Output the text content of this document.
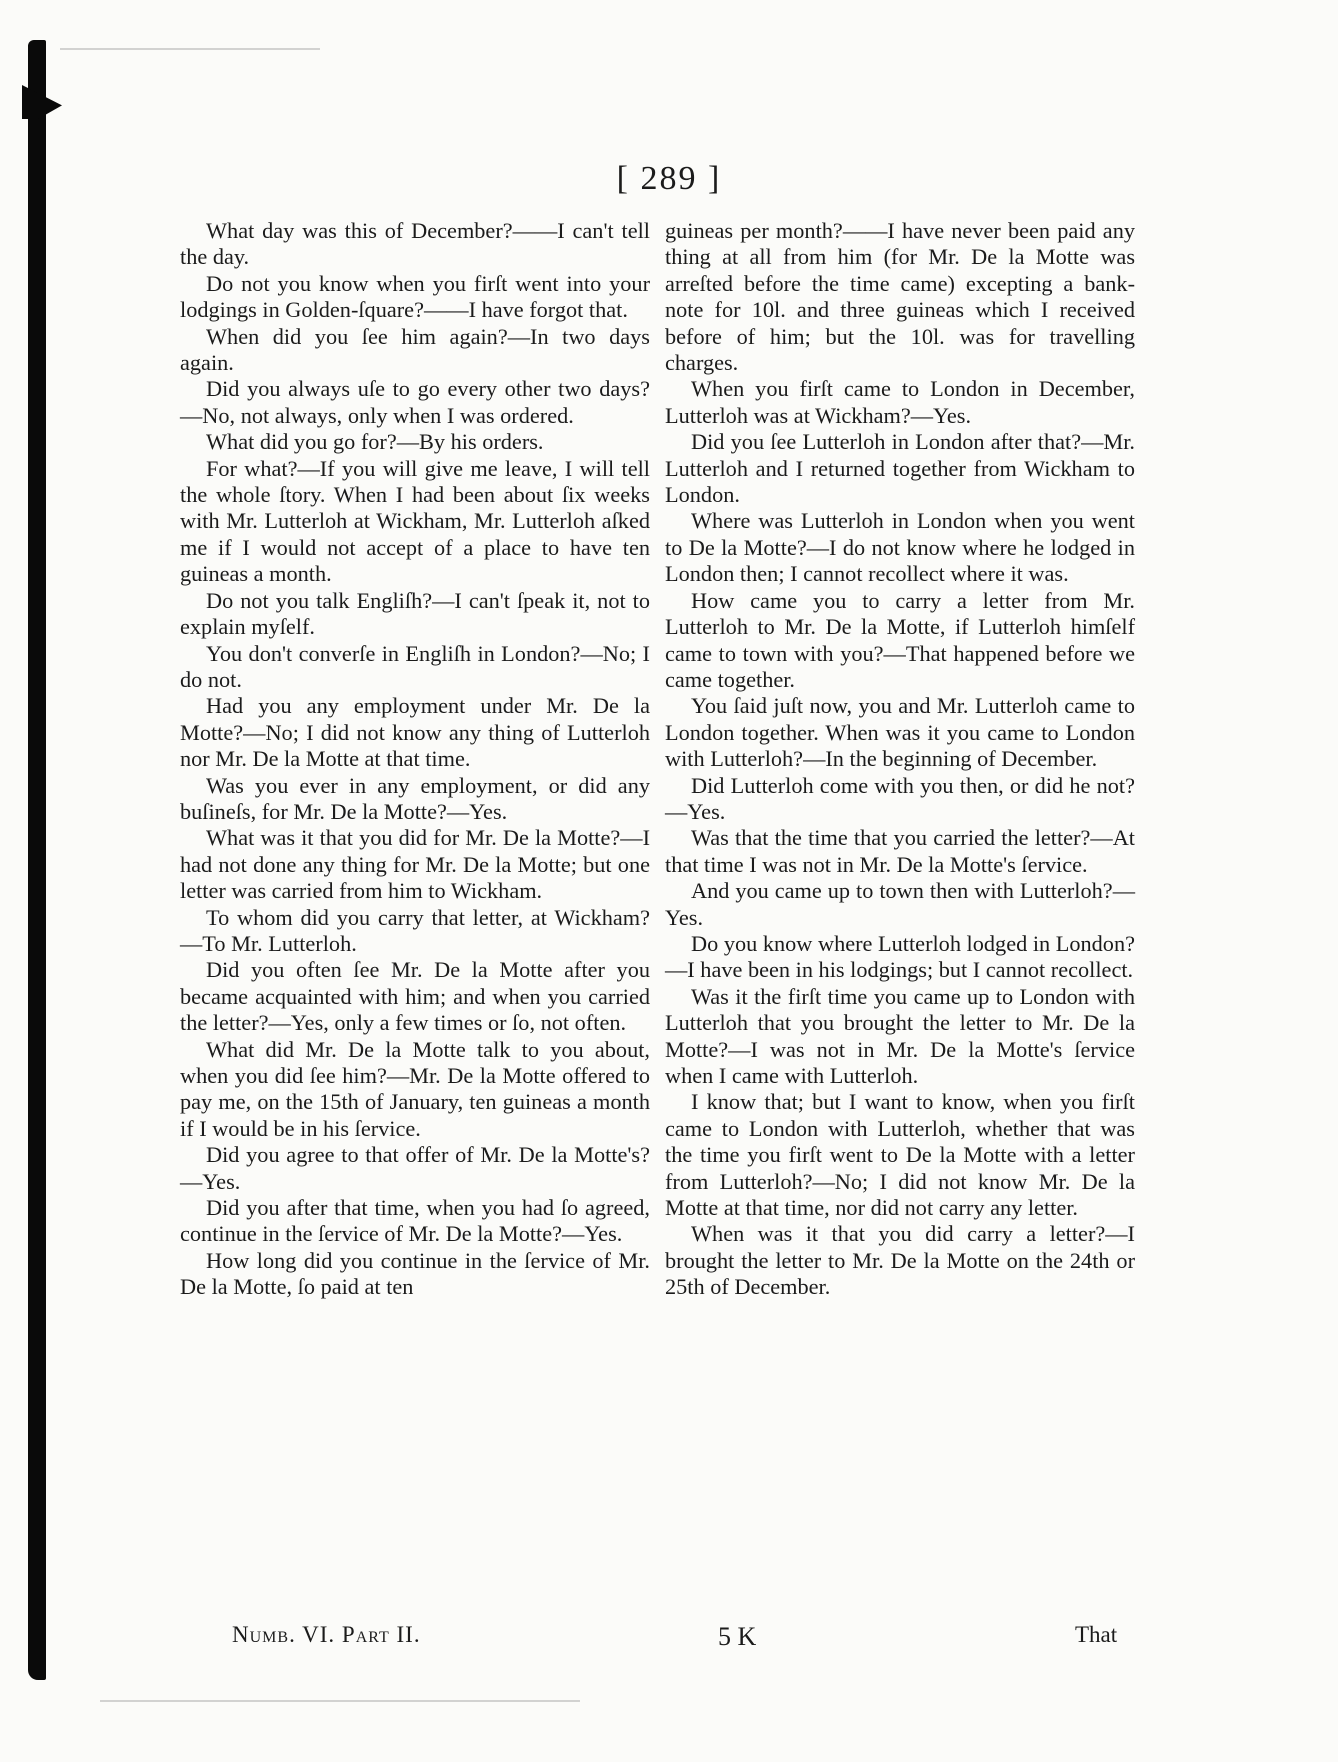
[ 289 ]

What day was this of December?——I can't tell the day.

Do not you know when you firſt went into your lodgings in Golden-ſquare?——I have forgot that.

When did you ſee him again?—In two days again.

Did you always uſe to go every other two days?—No, not always, only when I was ordered.

What did you go for?—By his orders.

For what?—If you will give me leave, I will tell the whole ſtory. When I had been about ſix weeks with Mr. Lutterloh at Wickham, Mr. Lutterloh aſked me if I would not accept of a place to have ten guineas a month.

Do not you talk Engliſh?—I can't ſpeak it, not to explain myſelf.

You don't converſe in Engliſh in London?—No; I do not.

Had you any employment under Mr. De la Motte?—No; I did not know any thing of Lutterloh nor Mr. De la Motte at that time.

Was you ever in any employment, or did any buſineſs, for Mr. De la Motte?—Yes.

What was it that you did for Mr. De la Motte?—I had not done any thing for Mr. De la Motte; but one letter was carried from him to Wickham.

To whom did you carry that letter, at Wickham?—To Mr. Lutterloh.

Did you often ſee Mr. De la Motte after you became acquainted with him; and when you carried the letter?—Yes, only a few times or ſo, not often.

What did Mr. De la Motte talk to you about, when you did ſee him?—Mr. De la Motte offered to pay me, on the 15th of January, ten guineas a month if I would be in his ſervice.

Did you agree to that offer of Mr. De la Motte's?—Yes.

Did you after that time, when you had ſo agreed, continue in the ſervice of Mr. De la Motte?—Yes.

How long did you continue in the ſervice of Mr. De la Motte, ſo paid at ten

guineas per month?——I have never been paid any thing at all from him (for Mr. De la Motte was arreſted before the time came) excepting a bank-note for 10l. and three guineas which I received before of him; but the 10l. was for travelling charges.

When you firſt came to London in December, Lutterloh was at Wickham?—Yes.

Did you ſee Lutterloh in London after that?—Mr. Lutterloh and I returned together from Wickham to London.

Where was Lutterloh in London when you went to De la Motte?—I do not know where he lodged in London then; I cannot recollect where it was.

How came you to carry a letter from Mr. Lutterloh to Mr. De la Motte, if Lutterloh himſelf came to town with you?—That happened before we came together.

You ſaid juſt now, you and Mr. Lutterloh came to London together. When was it you came to London with Lutterloh?—In the beginning of December.

Did Lutterloh come with you then, or did he not?—Yes.

Was that the time that you carried the letter?—At that time I was not in Mr. De la Motte's ſervice.

And you came up to town then with Lutterloh?—Yes.

Do you know where Lutterloh lodged in London?—I have been in his lodgings; but I cannot recollect.

Was it the firſt time you came up to London with Lutterloh that you brought the letter to Mr. De la Motte?—I was not in Mr. De la Motte's ſervice when I came with Lutterloh.

I know that; but I want to know, when you firſt came to London with Lutterloh, whether that was the time you firſt went to De la Motte with a letter from Lutterloh?—No; I did not know Mr. De la Motte at that time, nor did not carry any letter.

When was it that you did carry a letter?—I brought the letter to Mr. De la Motte on the 24th or 25th of December.

Numb. VI. Part II.	5 K	That
